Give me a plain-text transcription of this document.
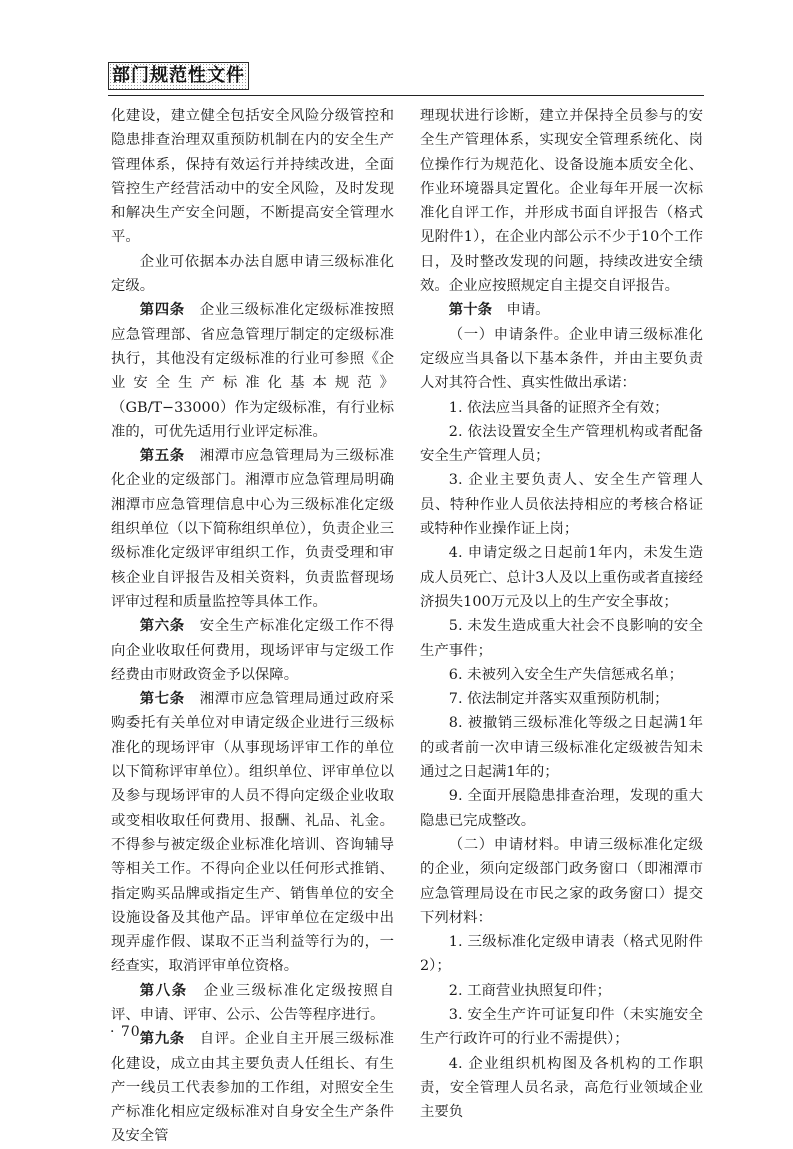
部门规范性文件

化建设，建立健全包括安全风险分级管控和隐患排查治理双重预防机制在内的安全生产管理体系，保持有效运行并持续改进，全面管控生产经营活动中的安全风险，及时发现和解决生产安全问题，不断提高安全管理水平。

企业可依据本办法自愿申请三级标准化定级。

第四条　 企业三级标准化定级标准按照应急管理部、省应急管理厅制定的定级标准执行，其他没有定级标准的行业可参照《企业安全生产标准化基本规范》（GB/T−33000）作为定级标准，有行业标准的，可优先适用行业评定标准。

第五条　 湘潭市应急管理局为三级标准化企业的定级部门。湘潭市应急管理局明确湘潭市应急管理信息中心为三级标准化定级组织单位（以下简称组织单位），负责企业三级标准化定级评审组织工作，负责受理和审核企业自评报告及相关资料，负责监督现场评审过程和质量监控等具体工作。

第六条　 安全生产标准化定级工作不得向企业收取任何费用，现场评审与定级工作经费由市财政资金予以保障。

第七条　 湘潭市应急管理局通过政府采购委托有关单位对申请定级企业进行三级标准化的现场评审（从事现场评审工作的单位以下简称评审单位）。组织单位、评审单位以及参与现场评审的人员不得向定级企业收取或变相收取任何费用、报酬、礼品、礼金。不得参与被定级企业标准化培训、咨询辅导等相关工作。不得向企业以任何形式推销、指定购买品牌或指定生产、销售单位的安全设施设备及其他产品。评审单位在定级中出现弄虚作假、谋取不正当利益等行为的，一经查实，取消评审单位资格。

第八条　 企业三级标准化定级按照自评、申请、评审、公示、公告等程序进行。

第九条　 自评。企业自主开展三级标准化建设，成立由其主要负责人任组长、有生产一线员工代表参加的工作组，对照安全生产标准化相应定级标准对自身安全生产条件及安全管

理现状进行诊断，建立并保持全员参与的安全生产管理体系，实现安全管理系统化、岗位操作行为规范化、设备设施本质安全化、作业环境器具定置化。企业每年开展一次标准化自评工作，并形成书面自评报告（格式见附件1），在企业内部公示不少于10个工作日，及时整改发现的问题，持续改进安全绩效。企业应按照规定自主提交自评报告。

第十条　 申请。

（一）申请条件。企业申请三级标准化定级应当具备以下基本条件，并由主要负责人对其符合性、真实性做出承诺：

1. 依法应当具备的证照齐全有效；

2. 依法设置安全生产管理机构或者配备安全生产管理人员；

3. 企业主要负责人、安全生产管理人员、特种作业人员依法持相应的考核合格证或特种作业操作证上岗；

4. 申请定级之日起前1年内，未发生造成人员死亡、总计3人及以上重伤或者直接经济损失100万元及以上的生产安全事故；

5. 未发生造成重大社会不良影响的安全生产事件；

6. 未被列入安全生产失信惩戒名单；

7. 依法制定并落实双重预防机制；

8. 被撤销三级标准化等级之日起满1年的或者前一次申请三级标准化定级被告知未通过之日起满1年的；

9. 全面开展隐患排查治理，发现的重大隐患已完成整改。

（二）申请材料。申请三级标准化定级的企业，须向定级部门政务窗口（即湘潭市应急管理局设在市民之家的政务窗口）提交下列材料：

1. 三级标准化定级申请表（格式见附件2）；

2. 工商营业执照复印件；

3. 安全生产许可证复印件（未实施安全生产行政许可的行业不需提供）；

4. 企业组织机构图及各机构的工作职责，安全管理人员名录，高危行业领域企业主要负

· 70 ·
